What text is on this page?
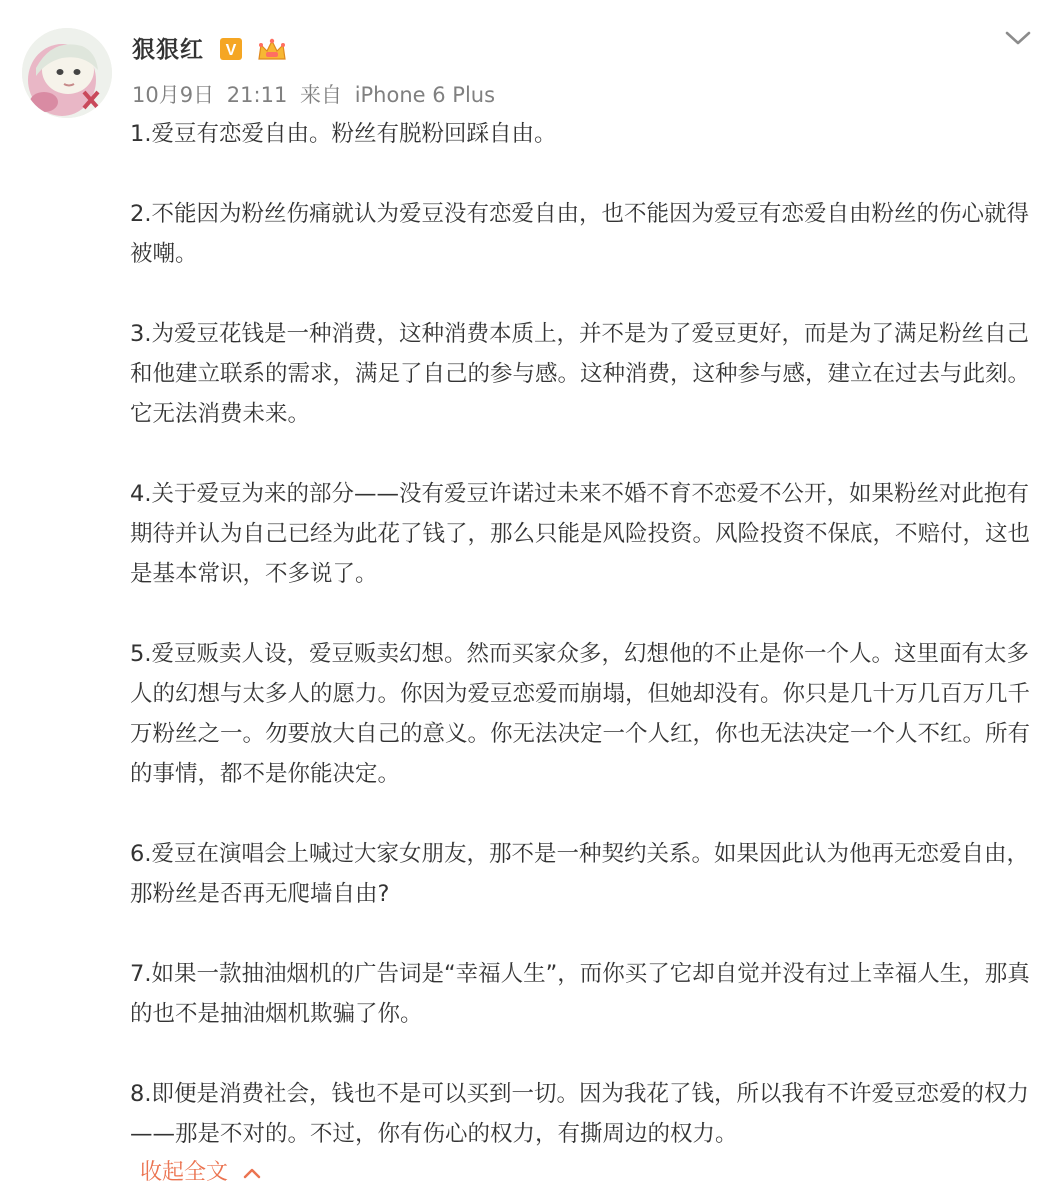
狠狠红 V
10月9日 21:11 来自 iPhone 6 Plus

1.爱豆有恋爱自由。粉丝有脱粉回踩自由。

2.不能因为粉丝伤痛就认为爱豆没有恋爱自由，也不能因为爱豆有恋爱自由粉丝的伤心就得被嘲。

3.为爱豆花钱是一种消费，这种消费本质上，并不是为了爱豆更好，而是为了满足粉丝自己和他建立联系的需求，满足了自己的参与感。这种消费，这种参与感，建立在过去与此刻。它无法消费未来。

4.关于爱豆为来的部分——没有爱豆许诺过未来不婚不育不恋爱不公开，如果粉丝对此抱有期待并认为自己已经为此花了钱了，那么只能是风险投资。风险投资不保底，不赔付，这也是基本常识，不多说了。

5.爱豆贩卖人设，爱豆贩卖幻想。然而买家众多，幻想他的不止是你一个人。这里面有太多人的幻想与太多人的愿力。你因为爱豆恋爱而崩塌，但她却没有。你只是几十万几百万几千万粉丝之一。勿要放大自己的意义。你无法决定一个人红，你也无法决定一个人不红。所有的事情，都不是你能决定。

6.爱豆在演唱会上喊过大家女朋友，那不是一种契约关系。如果因此认为他再无恋爱自由，那粉丝是否再无爬墙自由?

7.如果一款抽油烟机的广告词是“幸福人生”，而你买了它却自觉并没有过上幸福人生，那真的也不是抽油烟机欺骗了你。

8.即便是消费社会，钱也不是可以买到一切。因为我花了钱，所以我有不许爱豆恋爱的权力——那是不对的。不过，你有伤心的权力，有撕周边的权力。

收起全文
